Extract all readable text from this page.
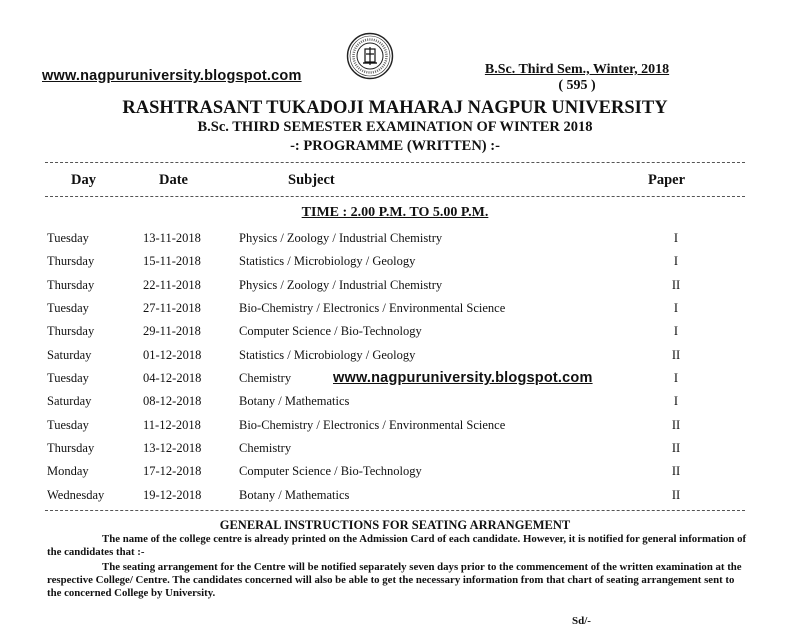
www.nagpuruniversity.blogspot.com	B.Sc. Third Sem., Winter, 2018
( 595 )
RASHTRASANT TUKADOJI MAHARAJ NAGPUR UNIVERSITY
B.Sc. THIRD SEMESTER EXAMINATION OF WINTER 2018
-: PROGRAMME (WRITTEN) :-
Day	Date	Subject	Paper
TIME : 2.00 P.M. TO 5.00 P.M.
Tuesday	13-11-2018	Physics / Zoology / Industrial Chemistry	I
Thursday	15-11-2018	Statistics / Microbiology / Geology	I
Thursday	22-11-2018	Physics / Zoology / Industrial Chemistry	II
Tuesday	27-11-2018	Bio-Chemistry / Electronics / Environmental Science	I
Thursday	29-11-2018	Computer Science / Bio-Technology	I
Saturday	01-12-2018	Statistics / Microbiology / Geology	II
Tuesday	04-12-2018	Chemistry	I
Saturday	08-12-2018	Botany / Mathematics	I
Tuesday	11-12-2018	Bio-Chemistry / Electronics / Environmental Science	II
Thursday	13-12-2018	Chemistry	II
Monday	17-12-2018	Computer Science / Bio-Technology	II
Wednesday	19-12-2018	Botany / Mathematics	II
www.nagpuruniversity.blogspot.com
GENERAL INSTRUCTIONS FOR SEATING ARRANGEMENT
The name of the college centre is already printed on the Admission Card of each candidate. However, it is notified for general information of the candidates that :-
The seating arrangement for the Centre will be notified separately seven days prior to the commencement of the written examination at the respective College/ Centre. The candidates concerned will also be able to get the necessary information from that chart of seating arrangement sent to the concerned College by University.
Sd/-
